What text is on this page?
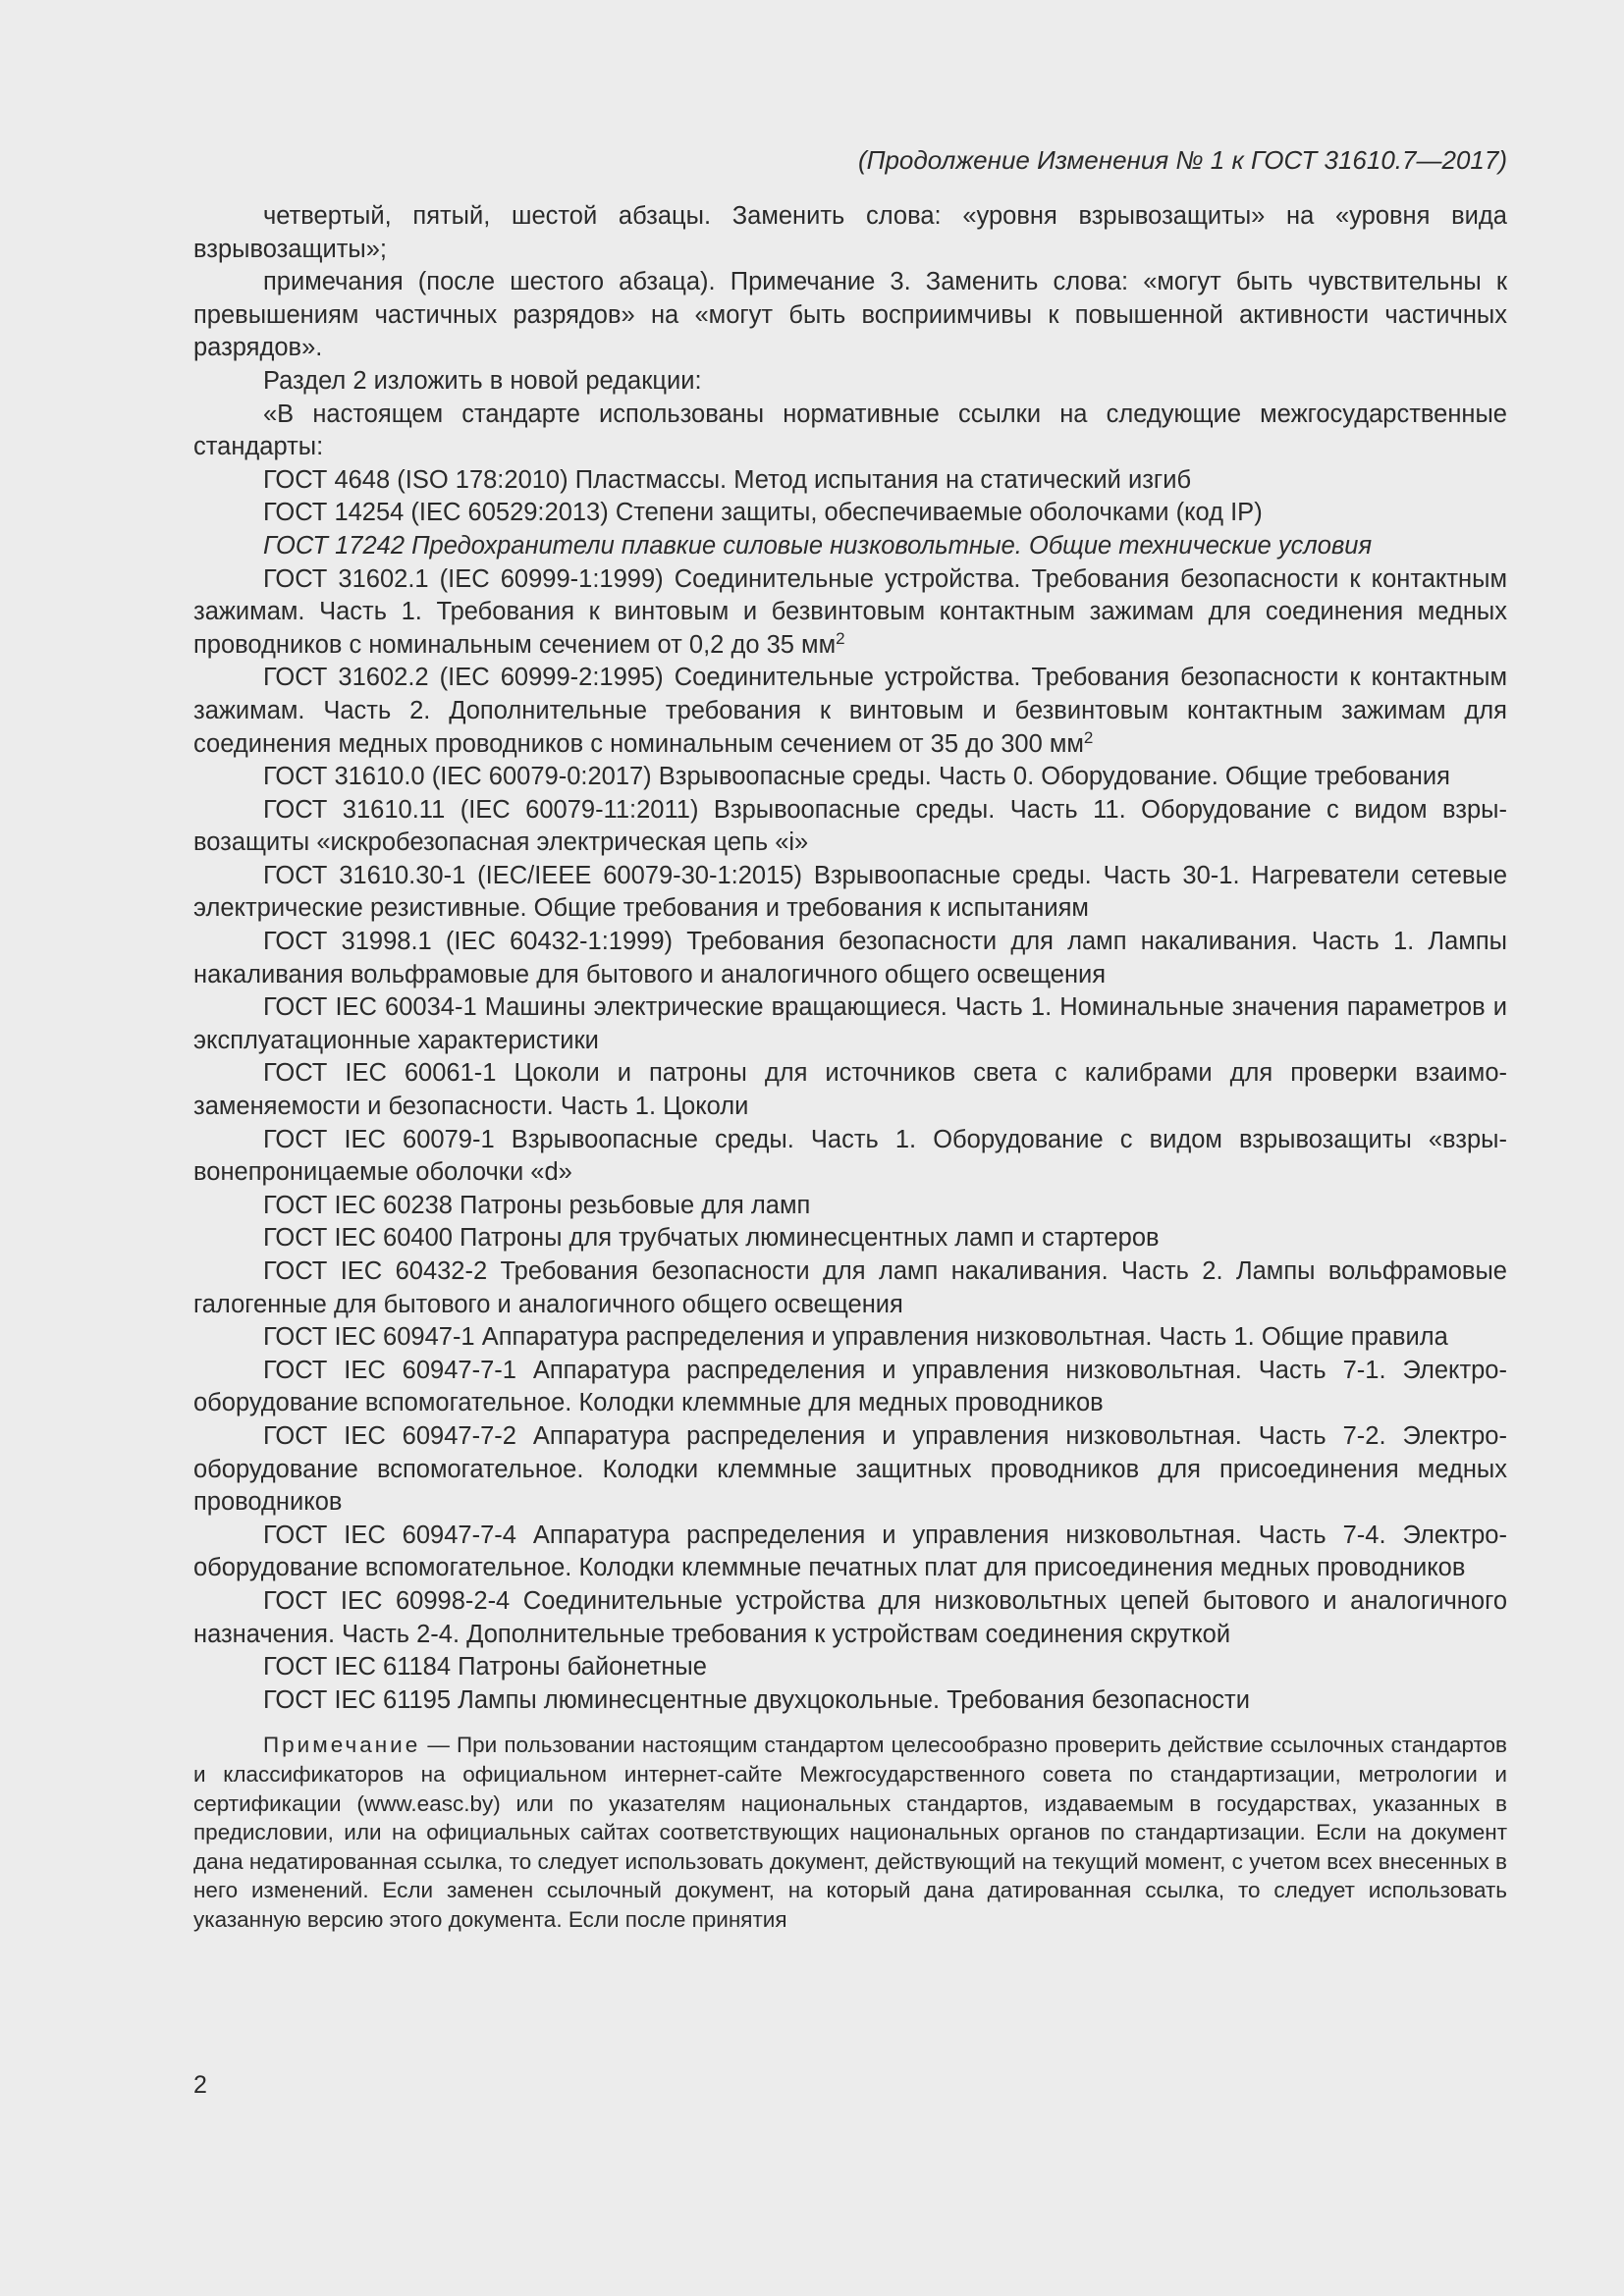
(Продолжение Изменения № 1 к ГОСТ 31610.7—2017)

четвертый, пятый, шестой абзацы. Заменить слова: «уровня взрывозащиты» на «уровня вида взрывозащиты»;

примечания (после шестого абзаца). Примечание 3. Заменить слова: «могут быть чувствительны к превышениям частичных разрядов» на «могут быть восприимчивы к повышенной активности частичных разрядов».

Раздел 2 изложить в новой редакции:

«В настоящем стандарте использованы нормативные ссылки на следующие межгосударственные стандарты:

ГОСТ 4648 (ISO 178:2010) Пластмассы. Метод испытания на статический изгиб

ГОСТ 14254 (IEC 60529:2013) Степени защиты, обеспечиваемые оболочками (код IP)

ГОСТ 17242 Предохранители плавкие силовые низковольтные. Общие технические условия

ГОСТ 31602.1 (IEC 60999-1:1999) Соединительные устройства. Требования безопасности к контактным зажимам. Часть 1. Требования к винтовым и безвинтовым контактным зажимам для соединения медных проводников с номинальным сечением от 0,2 до 35 $мм^2$

ГОСТ 31602.2 (IEC 60999-2:1995) Соединительные устройства. Требования безопасности к контактным зажимам. Часть 2. Дополнительные требования к винтовым и безвинтовым контактным зажимам для соединения медных проводников с номинальным сечением от 35 до 300 $мм^2$

ГОСТ 31610.0 (IEC 60079-0:2017) Взрывоопасные среды. Часть 0. Оборудование. Общие требования

ГОСТ 31610.11 (IEC 60079-11:2011) Взрывоопасные среды. Часть 11. Оборудование с видом взрывозащиты «искробезопасная электрическая цепь «i»

ГОСТ 31610.30-1 (IEC/IEEE 60079-30-1:2015) Взрывоопасные среды. Часть 30-1. Нагреватели сетевые электрические резистивные. Общие требования и требования к испытаниям

ГОСТ 31998.1 (IEC 60432-1:1999) Требования безопасности для ламп накаливания. Часть 1. Лампы накаливания вольфрамовые для бытового и аналогичного общего освещения

ГОСТ IEC 60034-1 Машины электрические вращающиеся. Часть 1. Номинальные значения параметров и эксплуатационные характеристики

ГОСТ IEC 60061-1 Цоколи и патроны для источников света с калибрами для проверки взаимозаменяемости и безопасности. Часть 1. Цоколи

ГОСТ IEC 60079-1 Взрывоопасные среды. Часть 1. Оборудование с видом взрывозащиты «взрывонепроницаемые оболочки «d»

ГОСТ IEC 60238 Патроны резьбовые для ламп

ГОСТ IEC 60400 Патроны для трубчатых люминесцентных ламп и стартеров

ГОСТ IEC 60432-2 Требования безопасности для ламп накаливания. Часть 2. Лампы вольфрамовые галогенные для бытового и аналогичного общего освещения

ГОСТ IEC 60947-1 Аппаратура распределения и управления низковольтная. Часть 1. Общие правила

ГОСТ IEC 60947-7-1 Аппаратура распределения и управления низковольтная. Часть 7-1. Электрооборудование вспомогательное. Колодки клеммные для медных проводников

ГОСТ IEC 60947-7-2 Аппаратура распределения и управления низковольтная. Часть 7-2. Электрооборудование вспомогательное. Колодки клеммные защитных проводников для присоединения медных проводников

ГОСТ IEC 60947-7-4 Аппаратура распределения и управления низковольтная. Часть 7-4. Электрооборудование вспомогательное. Колодки клеммные печатных плат для присоединения медных проводников

ГОСТ IEC 60998-2-4 Соединительные устройства для низковольтных цепей бытового и аналогичного назначения. Часть 2-4. Дополнительные требования к устройствам соединения скруткой

ГОСТ IEC 61184 Патроны байонетные

ГОСТ IEC 61195 Лампы люминесцентные двухцокольные. Требования безопасности

Примечание — При пользовании настоящим стандартом целесообразно проверить действие ссылочных стандартов и классификаторов на официальном интернет-сайте Межгосударственного совета по стандартизации, метрологии и сертификации (www.easc.by) или по указателям национальных стандартов, издаваемым в государствах, указанных в предисловии, или на официальных сайтах соответствующих национальных органов по стандартизации. Если на документ дана недатированная ссылка, то следует использовать документ, действующий на текущий момент, с учетом всех внесенных в него изменений. Если заменен ссылочный документ, на который дана датированная ссылка, то следует использовать указанную версию этого документа. Если после принятия
2
